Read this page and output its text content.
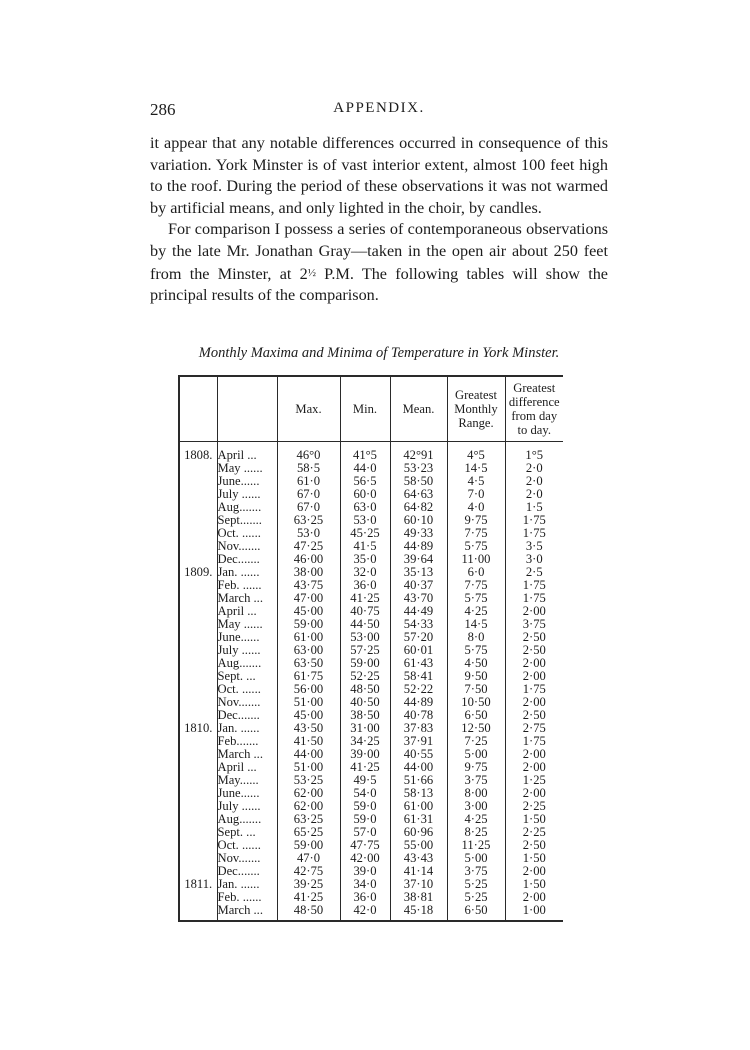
286	APPENDIX.

it appear that any notable differences occurred in consequence of this variation. York Minster is of vast interior extent, almost 100 feet high to the roof. During the period of these observations it was not warmed by artificial means, and only lighted in the choir, by candles.

For comparison I possess a series of contemporaneous observations by the late Mr. Jonathan Gray—taken in the open air about 250 feet from the Minster, at 2½ P.M. The following tables will show the principal results of the comparison.

Monthly Maxima and Minima of Temperature in York Minster.
		Max.	Min.	Mean.	Greatest Monthly Range.	Greatest difference from day to day.
1808.	April ...	46°0	41°5	42°91	4°5	1°5
	May ......	58·5	44·0	53·23	14·5	2·0
	June......	61·0	56·5	58·50	4·5	2·0
	July ......	67·0	60·0	64·63	7·0	2·0
	Aug.......	67·0	63·0	64·82	4·0	1·5
	Sept.......	63·25	53·0	60·10	9·75	1·75
	Oct. ......	53·0	45·25	49·33	7·75	1·75
	Nov.......	47·25	41·5	44·89	5·75	3·5
	Dec.......	46·00	35·0	39·64	11·00	3·0
1809.	Jan. ......	38·00	32·0	35·13	6·0	2·5
	Feb. ......	43·75	36·0	40·37	7·75	1·75
	March ...	47·00	41·25	43·70	5·75	1·75
	April ...	45·00	40·75	44·49	4·25	2·00
	May ......	59·00	44·50	54·33	14·5	3·75
	June......	61·00	53·00	57·20	8·0	2·50
	July ......	63·00	57·25	60·01	5·75	2·50
	Aug.......	63·50	59·00	61·43	4·50	2·00
	Sept. ...	61·75	52·25	58·41	9·50	2·00
	Oct. ......	56·00	48·50	52·22	7·50	1·75
	Nov.......	51·00	40·50	44·89	10·50	2·00
	Dec.......	45·00	38·50	40·78	6·50	2·50
1810.	Jan. ......	43·50	31·00	37·83	12·50	2·75
	Feb.......	41·50	34·25	37·91	7·25	1·75
	March ...	44·00	39·00	40·55	5·00	2·00
	April ...	51·00	41·25	44·00	9·75	2·00
	May......	53·25	49·5	51·66	3·75	1·25
	June......	62·00	54·0	58·13	8·00	2·00
	July ......	62·00	59·0	61·00	3·00	2·25
	Aug.......	63·25	59·0	61·31	4·25	1·50
	Sept. ...	65·25	57·0	60·96	8·25	2·25
	Oct. ......	59·00	47·75	55·00	11·25	2·50
	Nov.......	47·0	42·00	43·43	5·00	1·50
	Dec.......	42·75	39·0	41·14	3·75	2·00
1811.	Jan. ......	39·25	34·0	37·10	5·25	1·50
	Feb. ......	41·25	36·0	38·81	5·25	2·00
	March ...	48·50	42·0	45·18	6·50	1·00
